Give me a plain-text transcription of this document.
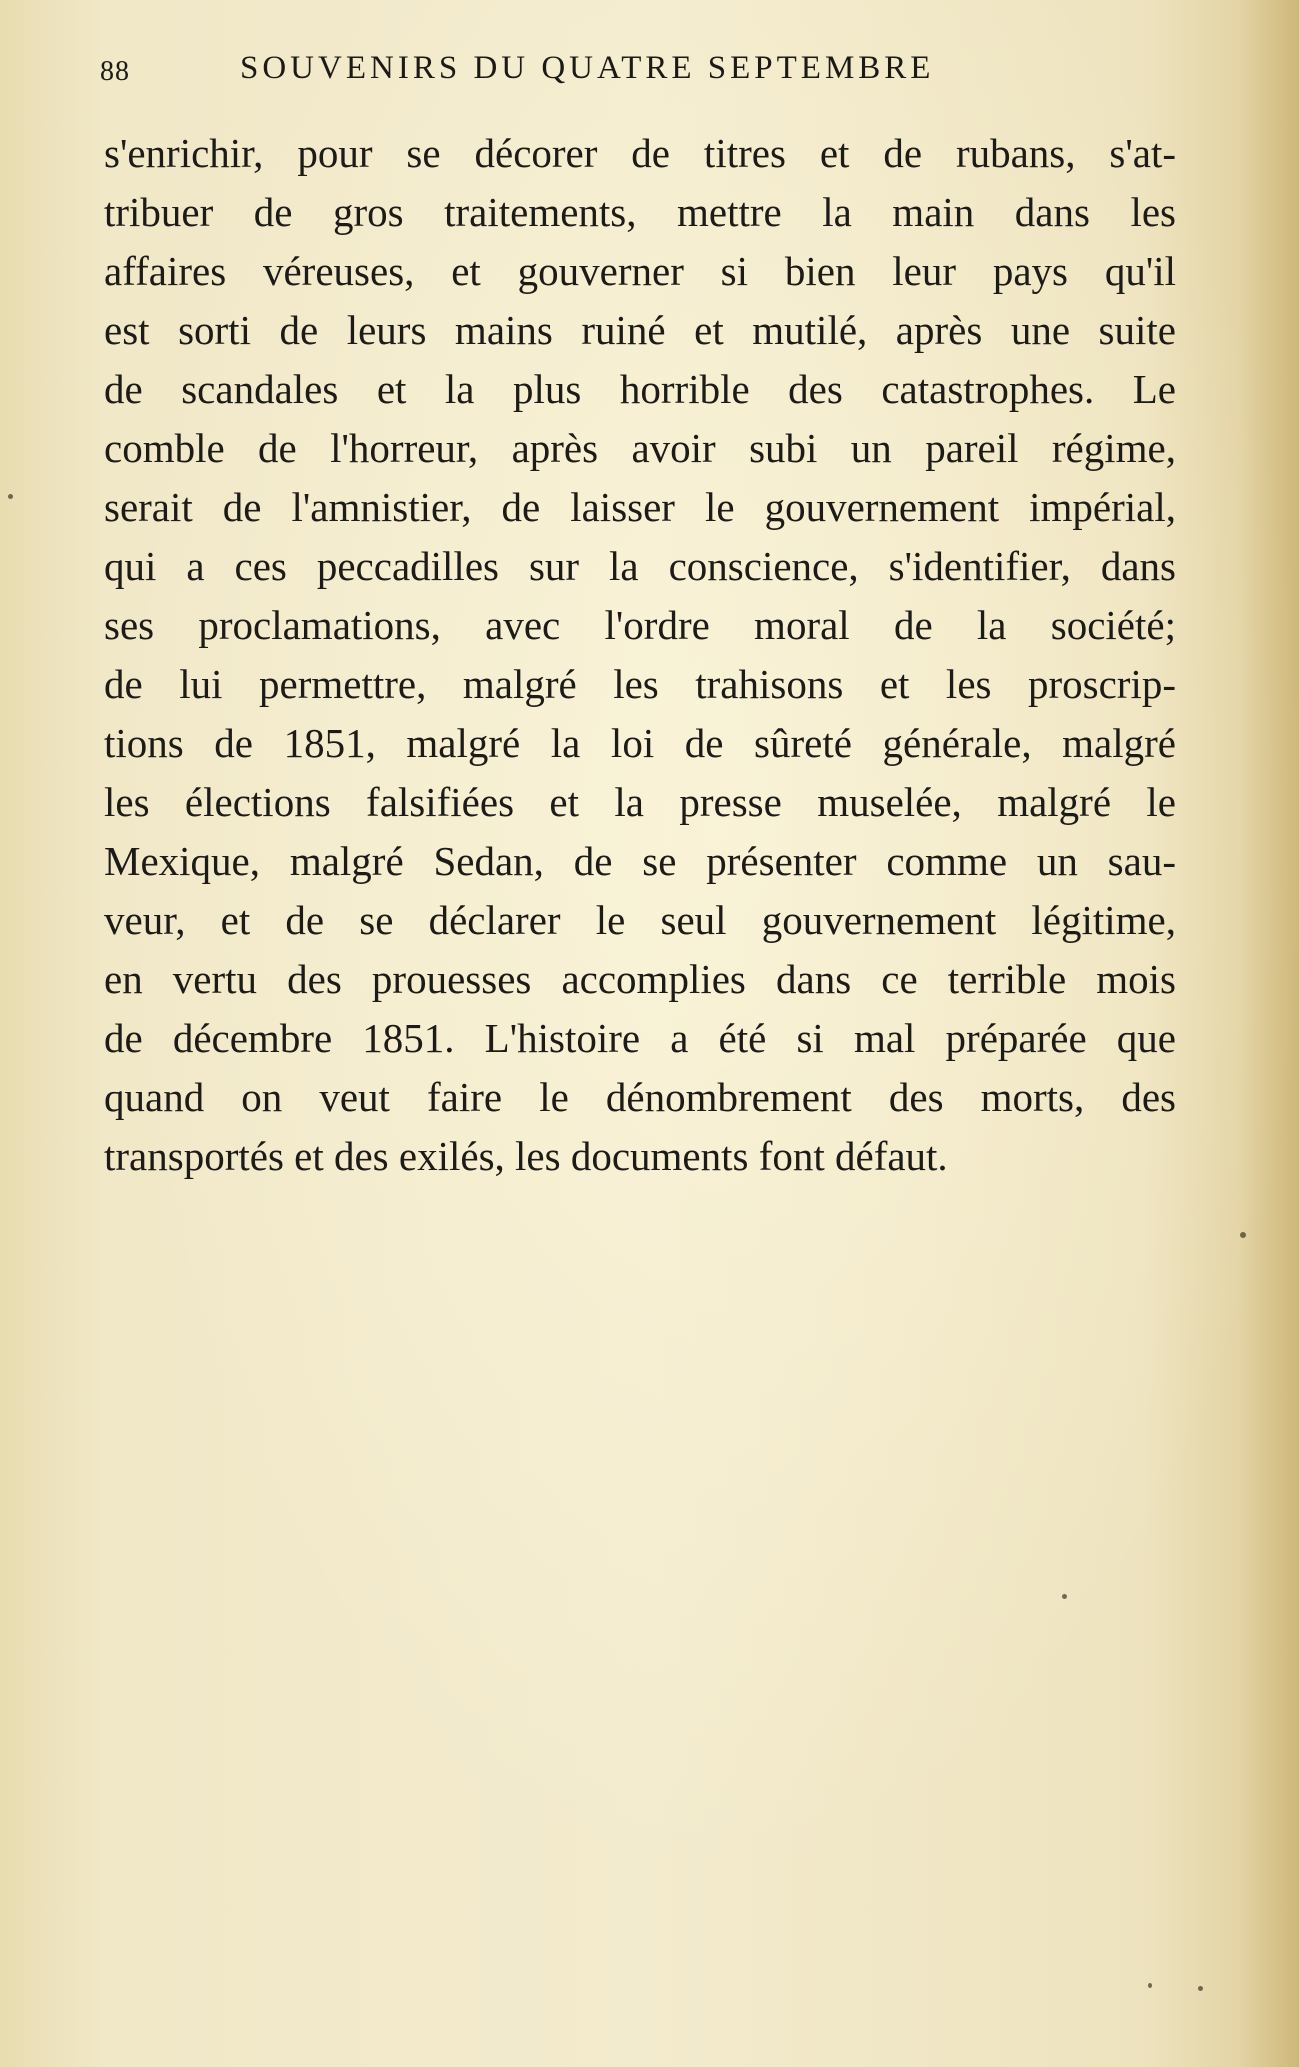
88	SOUVENIRS DU QUATRE SEPTEMBRE
s'enrichir, pour se décorer de titres et de rubans, s'at-
tribuer de gros traitements, mettre la main dans les
affaires véreuses, et gouverner si bien leur pays qu'il
est sorti de leurs mains ruiné et mutilé, après une suite
de scandales et la plus horrible des catastrophes. Le
comble de l'horreur, après avoir subi un pareil régime,
serait de l'amnistier, de laisser le gouvernement impérial,
qui a ces peccadilles sur la conscience, s'identifier, dans
ses proclamations, avec l'ordre moral de la société;
de lui permettre, malgré les trahisons et les proscrip-
tions de 1851, malgré la loi de sûreté générale, malgré
les élections falsifiées et la presse muselée, malgré le
Mexique, malgré Sedan, de se présenter comme un sau-
veur, et de se déclarer le seul gouvernement légitime,
en vertu des prouesses accomplies dans ce terrible mois
de décembre 1851. L'histoire a été si mal préparée que
quand on veut faire le dénombrement des morts, des
transportés et des exilés, les documents font défaut.
